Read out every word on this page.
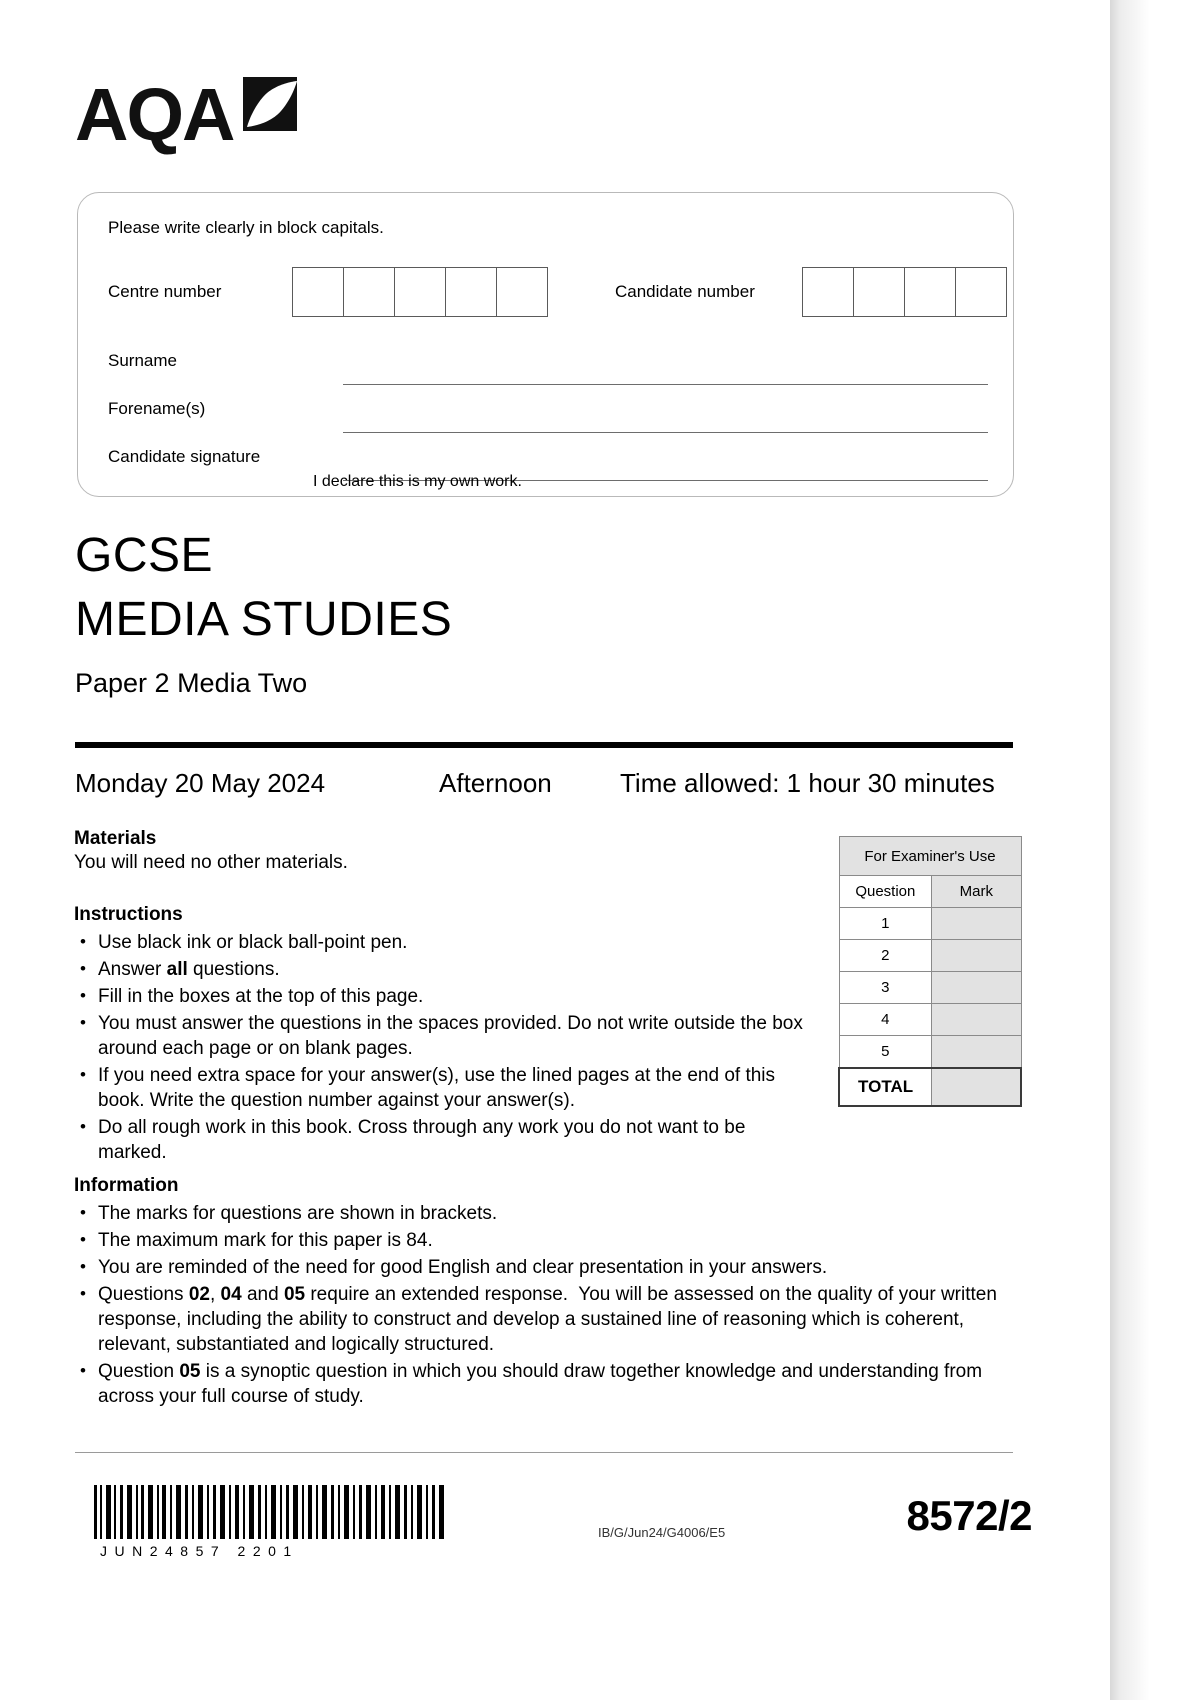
AQA
Please write clearly in block capitals.
Centre number	Candidate number
Surname
Forename(s)
Candidate signature
I declare this is my own work.
GCSE
MEDIA STUDIES
Paper 2 Media Two
Monday 20 May 2024	Afternoon	Time allowed: 1 hour 30 minutes
Materials
You will need no other materials.
Instructions
• Use black ink or black ball-point pen.
• Answer all questions.
• Fill in the boxes at the top of this page.
• You must answer the questions in the spaces provided. Do not write outside the box around each page or on blank pages.
• If you need extra space for your answer(s), use the lined pages at the end of this book. Write the question number against your answer(s).
• Do all rough work in this book. Cross through any work you do not want to be marked.
Information
• The marks for questions are shown in brackets.
• The maximum mark for this paper is 84.
• You are reminded of the need for good English and clear presentation in your answers.
• Questions 02, 04 and 05 require an extended response.  You will be assessed on the quality of your written response, including the ability to construct and develop a sustained line of reasoning which is coherent, relevant, substantiated and logically structured.
• Question 05 is a synoptic question in which you should draw together knowledge and understanding from across your full course of study.
For Examiner's Use	
Question	Mark
1	
2	
3	
4	
5	
TOTAL	
JUN24857 2201
IB/G/Jun24/G4006/E5	8572/2
